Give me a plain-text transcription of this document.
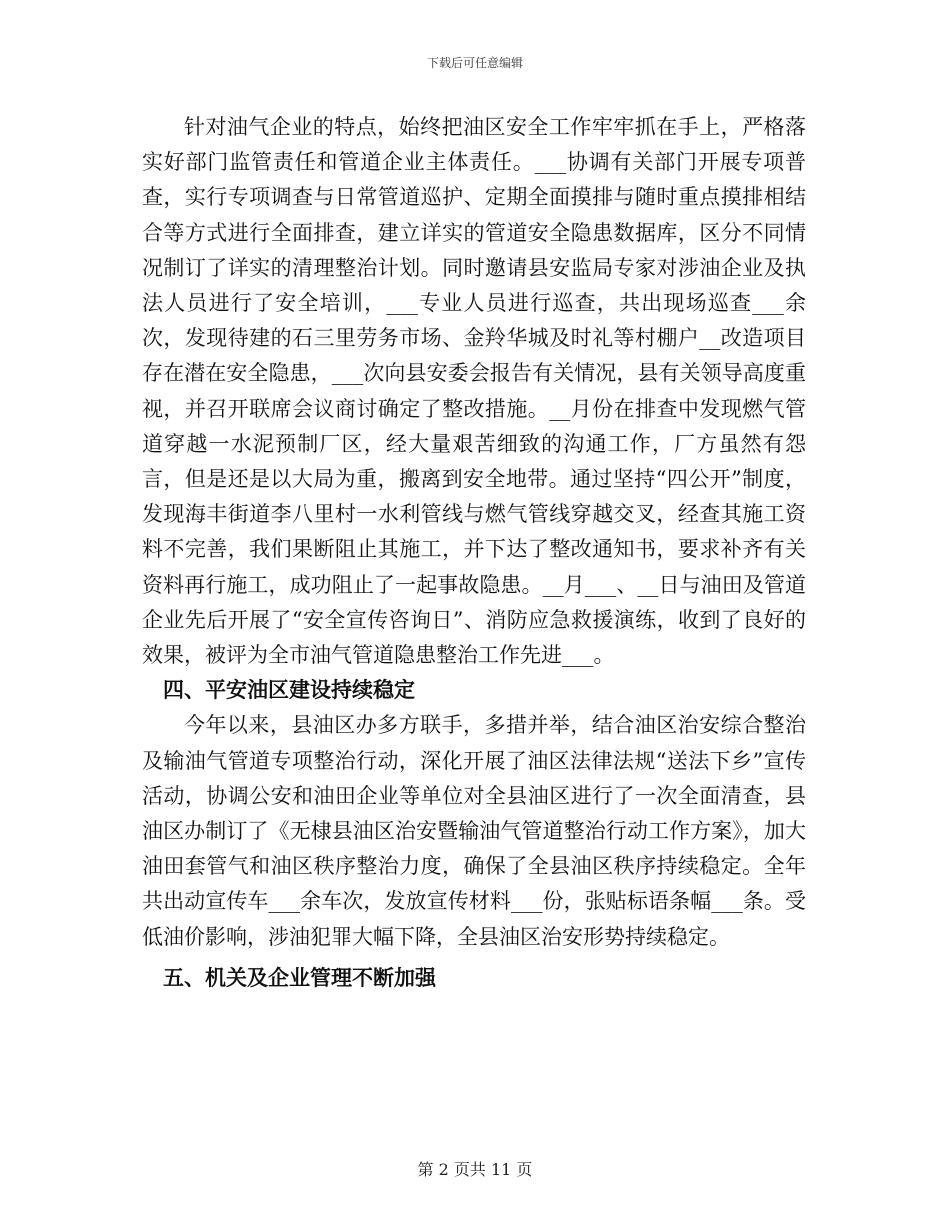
下载后可任意编辑

针对油气企业的特点，始终把油区安全工作牢牢抓在手上，严格落实好部门监管责任和管道企业主体责任。___协调有关部门开展专项普查，实行专项调查与日常管道巡护、定期全面摸排与随时重点摸排相结合等方式进行全面排查，建立详实的管道安全隐患数据库，区分不同情况制订了详实的清理整治计划。同时邀请县安监局专家对涉油企业及执法人员进行了安全培训，___专业人员进行巡查，共出现场巡查___余次，发现待建的石三里劳务市场、金羚华城及时礼等村棚户__改造项目存在潜在安全隐患，___次向县安委会报告有关情况，县有关领导高度重视，并召开联席会议商讨确定了整改措施。__月份在排查中发现燃气管道穿越一水泥预制厂区，经大量艰苦细致的沟通工作，厂方虽然有怨言，但是还是以大局为重，搬离到安全地带。通过坚持“四公开”制度，发现海丰街道李八里村一水利管线与燃气管线穿越交叉，经查其施工资料不完善，我们果断阻止其施工，并下达了整改通知书，要求补齐有关资料再行施工，成功阻止了一起事故隐患。__月___、__日与油田及管道企业先后开展了“安全宣传咨询日”、消防应急救援演练，收到了良好的效果，被评为全市油气管道隐患整治工作先进___。

四、平安油区建设持续稳定

今年以来，县油区办多方联手，多措并举，结合油区治安综合整治及输油气管道专项整治行动，深化开展了油区法律法规“送法下乡”宣传活动，协调公安和油田企业等单位对全县油区进行了一次全面清查，县油区办制订了《无棣县油区治安暨输油气管道整治行动工作方案》，加大油田套管气和油区秩序整治力度，确保了全县油区秩序持续稳定。全年共出动宣传车___余车次，发放宣传材料___份，张贴标语条幅___条。受低油价影响，涉油犯罪大幅下降，全县油区治安形势持续稳定。

五、机关及企业管理不断加强

第 2 页共 11 页
